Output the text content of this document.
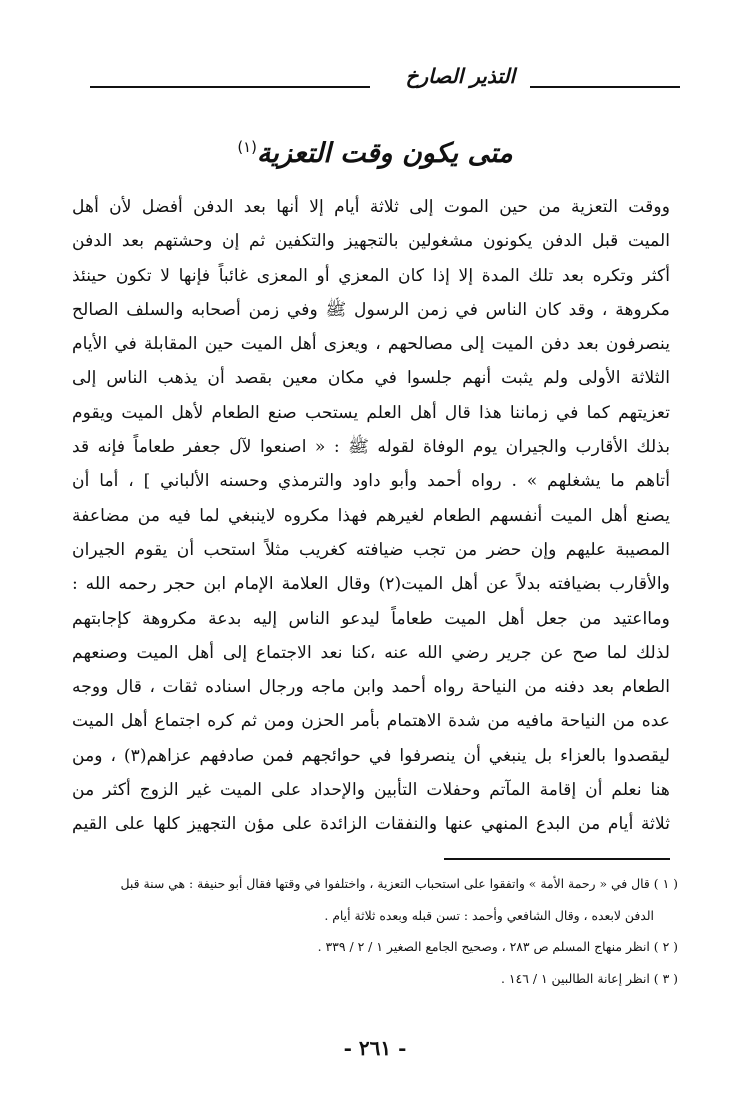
التذير الصارخ
متى يكون وقت التعزية$^{(١)}$
ووقت التعزية من حين الموت إلى ثلاثة أيام إلا أنها بعد الدفن أفضل لأن أهل
الميت قبل الدفن يكونون مشغولين بالتجهيز والتكفين ثم إن وحشتهم بعد الدفن
أكثر وتكره بعد تلك المدة إلا إذا كان المعزي أو المعزى غائباً فإنها لا تكون حينئذ
مكروهة ، وقد كان الناس في زمن الرسول ﷺ وفي زمن أصحابه والسلف الصالح
ينصرفون بعد دفن الميت إلى مصالحهم ، ويعزى أهل الميت حين المقابلة في الأيام
الثلاثة الأولى ولم يثبت أنهم جلسوا في مكان معين بقصد أن يذهب الناس إلى
تعزيتهم كما في زماننا هذا قال أهل العلم يستحب صنع الطعام لأهل الميت ويقوم
بذلك الأقارب والجيران يوم الوفاة لقوله ﷺ : « اصنعوا لآل جعفر طعاماً فإنه قد
أتاهم ما يشغلهم » . رواه أحمد وأبو داود والترمذي وحسنه الألباني ] ، أما أن
يصنع أهل الميت أنفسهم الطعام لغيرهم فهذا مكروه لاينبغي لما فيه من مضاعفة
المصيبة عليهم وإن حضر من تجب ضيافته كغريب مثلاً استحب أن يقوم الجيران
والأقارب بضيافته بدلاً عن أهل الميت(٢) وقال العلامة الإمام ابن حجر رحمه الله :
ومااعتيد من جعل أهل الميت طعاماً ليدعو الناس إليه بدعة مكروهة كإجابتهم
لذلك لما صح عن جرير رضي الله عنه ،كنا نعد الاجتماع إلى أهل الميت وصنعهم
الطعام بعد دفنه من النياحة رواه أحمد وابن ماجه ورجال اسناده ثقات ، قال ووجه
عده من النياحة مافيه من شدة الاهتمام بأمر الحزن ومن ثم كره اجتماع أهل الميت
ليقصدوا بالعزاء بل ينبغي أن ينصرفوا في حوائجهم فمن صادفهم عزاهم(٣) ، ومن
هنا نعلم أن إقامة المآتم وحفلات التأبين والإحداد على الميت غير الزوج أكثر من
ثلاثة أيام من البدع المنهي عنها والنفقات الزائدة على مؤن التجهيز كلها على القيم
( ١ ) قال في « رحمة الأمة » واتفقوا على استحباب التعزية ، واختلفوا في وقتها فقال أبو حنيفة : هي سنة قبل
الدفن لابعده ، وقال الشافعي وأحمد : تسن قبله وبعده ثلاثة أيام .
( ٢ ) انظر منهاج المسلم ص ٢٨٣ ، وصحيح الجامع الصغير ١ / ٢ / ٣٣٩ .
( ٣ ) انظر إعانة الطالبين ١ / ١٤٦ .
- ٢٦١ -
